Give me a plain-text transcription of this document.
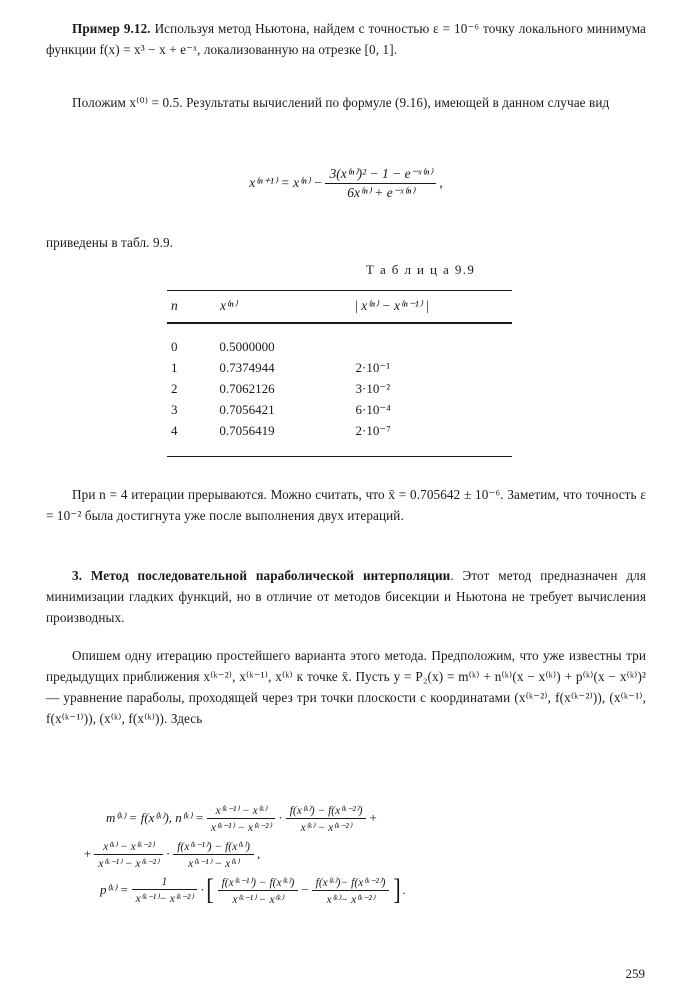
Пример 9.12. Используя метод Ньютона, найдем с точностью ε = 10⁻⁶ точку локального минимума функции f(x) = x³ − x + e⁻ˣ, локализованную на отрезке [0, 1].
Положим x⁽⁰⁾ = 0.5. Результаты вычислений по формуле (9.16), имеющей в данном случае вид
$x^{(n+1)} = x^{(n)} - \frac{\text{3(x⁽ⁿ⁾)² − 1 − e⁻ˣ⁽ⁿ⁾}}{\text{6x⁽ⁿ⁾ + e⁻ˣ⁽ⁿ⁾}}$ ,
приведены в табл. 9.9.
Т а б л и ц а 9.9
n	x⁽ⁿ⁾	| x⁽ⁿ⁾ − x⁽ⁿ⁻¹⁾ |

0	0.5000000	
1	0.7374944	2·10⁻¹
2	0.7062126	3·10⁻²
3	0.7056421	6·10⁻⁴
4	0.7056419	2·10⁻⁷

При n = 4 итерации прерываются. Можно считать, что x̄ = 0.705642 ± 10⁻⁶. Заметим, что точность ε = 10⁻² была достигнута уже после выполнения двух итераций.
3. Метод последовательной параболической интерполяции. Этот метод предназначен для минимизации гладких функций, но в отличие от методов бисекции и Ньютона не требует вычисления производных.
Опишем одну итерацию простейшего варианта этого метода. Предположим, что уже известны три предыдущих приближения x⁽ᵏ⁻²⁾, x⁽ᵏ⁻¹⁾, x⁽ᵏ⁾ к точке x̄. Пусть y = P₂(x) = m⁽ᵏ⁾ + n⁽ᵏ⁾(x − x⁽ᵏ⁾) + p⁽ᵏ⁾(x − x⁽ᵏ⁾)² — уравнение параболы, проходящей через три точки плоскости с координатами (x⁽ᵏ⁻²⁾, f(x⁽ᵏ⁻²⁾)), (x⁽ᵏ⁻¹⁾, f(x⁽ᵏ⁻¹⁾)), (x⁽ᵏ⁾, f(x⁽ᵏ⁾)). Здесь
m⁽ᵏ⁾ = f(x⁽ᵏ⁾), n⁽ᵏ⁾ = $\frac{\text{x⁽ᵏ⁻¹⁾ − x⁽ᵏ⁾}}{\text{x⁽ᵏ⁻¹⁾ − x⁽ᵏ⁻²⁾}} \cdot \frac{\text{f(x⁽ᵏ⁾) − f(x⁽ᵏ⁻²⁾)}}{\text{x⁽ᵏ⁾ − x⁽ᵏ⁻²⁾}}$ +
+ $\frac{\text{x⁽ᵏ⁾ − x⁽ᵏ⁻²⁾}}{\text{x⁽ᵏ⁻¹⁾ − x⁽ᵏ⁻²⁾}} \cdot \frac{\text{f(x⁽ᵏ⁻¹⁾) − f(x⁽ᵏ⁾)}}{\text{x⁽ᵏ⁻¹⁾ − x⁽ᵏ⁾}}$ ,
p⁽ᵏ⁾ = $\frac{1}{\text{x⁽ᵏ⁻¹⁾− x⁽ᵏ⁻²⁾}}$ · [ $\frac{\text{f(x⁽ᵏ⁻¹⁾) − f(x⁽ᵏ⁾)}}{\text{x⁽ᵏ⁻¹⁾ − x⁽ᵏ⁾}} - \frac{\text{f(x⁽ᵏ⁾)− f(x⁽ᵏ⁻²⁾)}}{\text{x⁽ᵏ⁾− x⁽ᵏ⁻²⁾}}$ ] .
259
